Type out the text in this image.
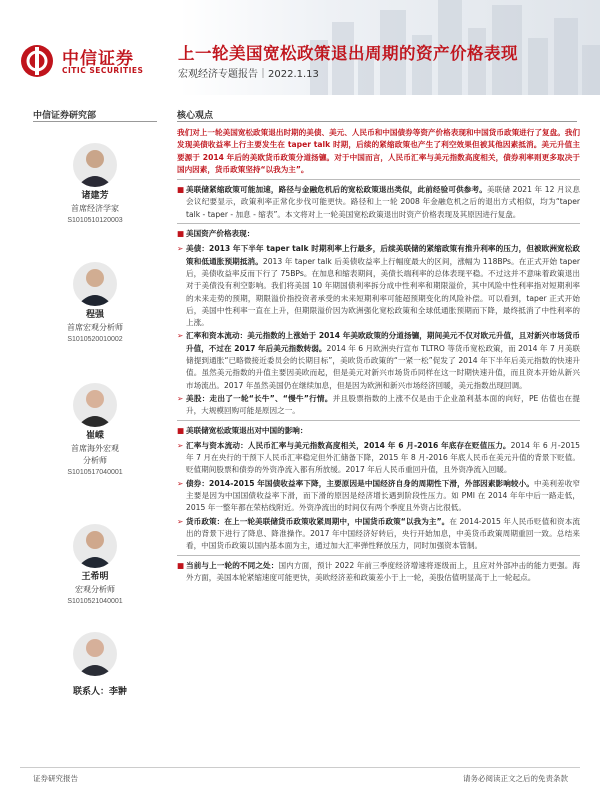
中信证券
CITIC SECURITIES
上一轮美国宽松政策退出周期的资产价格表现
宏观经济专题报告｜2022.1.13
中信证券研究部	核心观点
诸建芳
首席经济学家
S1010510120003
程强
首席宏观分析师
S1010520010002
崔嵘
首席海外宏观
分析师
S1010517040001
王希明
宏观分析师
S1010521040001
联系人：李翀
我们对上一轮美国宽松政策退出时期的美债、美元、人民币和中国债券等资产价格表现和中国货币政策进行了复盘。我们发现美债收益率上行主要发生在 taper talk 时期，后续的紧缩政策也产生了利空效果但被其他因素抵消。美元升值主要源于 2014 年后的美欧货币政策分道扬镳。对于中国而言，人民币汇率与美元指数高度相关，债券利率则更多取决于国内因素，货币政策坚持“以我为主”。
■ 美联储紧缩政策可能加速，路径与金融危机后的宽松政策退出类似，此前经验可供参考。美联储 2021 年 12 月议息会议纪要显示，政策利率正常化步伐可能更快。路径和上一轮 2008 年金融危机之后的退出方式相似，均为“taper talk - taper - 加息 - 缩表”。本文将对上一轮美国宽松政策退出时资产价格表现及其原因进行复盘。
■ 美国资产价格表现：
➢ 美债：2013 年下半年 taper talk 时期利率上行最多，后续美联储的紧缩政策有推升利率的压力，但被欧洲宽松政策和低通胀预期抵消。2013 年 taper talk 后美债收益率上行幅度最大的区间，涨幅为 118BPs。在正式开始 taper 后，美债收益率反而下行了 75BPs。在加息和缩表期间，美债长端利率的总体表现平稳。不过这并不意味着政策退出对于美债没有利空影响。我们将美国 10 年期国债利率拆分成中性利率和期限溢价，其中风险中性利率指对短期利率的未来走势的预期，期限溢价指投资者承受的未来短期利率可能超预期变化的风险补偿。可以看到，taper 正式开始后，美国中性利率一直在上升，但期限溢价因为欧洲强化宽松政策和全球低通胀预期而下降，最终抵消了中性利率的上涨。
➢ 汇率和资本流动：美元指数的上涨始于 2014 年美欧政策的分道扬镳，期间美元不仅对欧元升值，且对新兴市场货币升值，不过在 2017 年后美元指数转弱。2014 年 6 月欧洲央行宣布 TLTRO 等货币宽松政策，而 2014 年 7 月美联储提到通胀“已略微接近委员会的长期目标”，美欧货币政策的“一紧一松”促发了 2014 年下半年后美元指数的快速升值。虽然美元指数的升值主要因美欧而起，但是美元对新兴市场货币同样在这一时期快速升值，而且资本开始从新兴市场流出。2017 年虽然美国仍在继续加息，但是因为欧洲和新兴市场经济回暖，美元指数出现回调。
➢ 美股：走出了一轮“长牛”、“慢牛”行情。并且股票指数的上涨不仅是由于企业盈利基本面的向好，PE 估值也在提升，大规模回购可能是原因之一。
■ 美联储宽松政策退出对中国的影响：
➢ 汇率与资本流动：人民币汇率与美元指数高度相关，2014 年 6 月-2016 年底存在贬值压力。2014 年 6 月-2015 年 7 月在央行的干预下人民币汇率稳定但外汇储备下降，2015 年 8 月-2016 年底人民币在美元升值的背景下贬值。贬值期间股票和债券的外资净流入都有所放缓。2017 年后人民币重回升值，且外资净流入回暖。
➢ 债券：2014-2015 年国债收益率下降，主要原因是中国经济自身的周期性下滑，外部因素影响较小。中美利差收窄主要是因为中国国债收益率下滑，而下滑的原因是经济增长遇到阶段性压力。如 PMI 在 2014 年年中后一路走低，2015 年一整年都在荣枯线附近。外资净流出的时间仅有两个季度且外资占比很低。
➢ 货币政策：在上一轮美联储货币政策收紧周期中，中国货币政策“以我为主”。在 2014-2015 年人民币贬值和资本流出的背景下进行了降息、降准操作。2017 年中国经济好转后，央行开始加息，中美货币政策周期重回一致。总结来看，中国货币政策以国内基本面为主，通过加大汇率弹性释放压力，同时加强资本管制。
■ 当前与上一轮的不同之处：国内方面，预计 2022 年前三季度经济增速将逐级而上，且应对外部冲击的能力更强。海外方面，美国本轮紧缩速度可能更快，美欧经济差和政策差小于上一轮，美股估值明显高于上一轮起点。
证券研究报告	请务必阅读正文之后的免责条款
